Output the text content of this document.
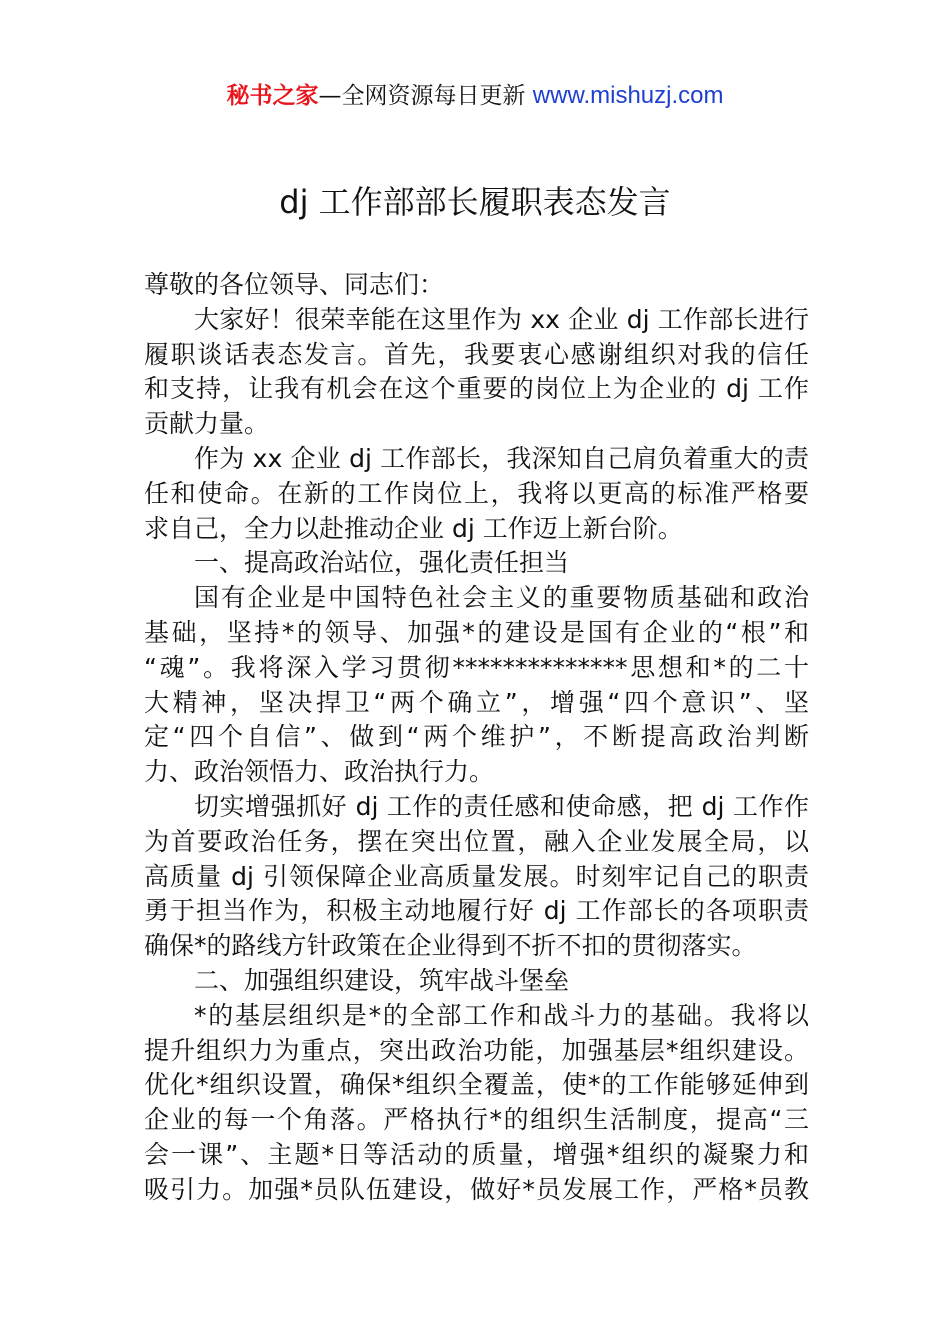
秘书之家—全网资源每日更新 www.mishuzj.com
dj 工作部部长履职表态发言
尊敬的各位领导、同志们：
大家好！很荣幸能在这里作为 xx 企业 dj 工作部长进行
履职谈话表态发言。首先，我要衷心感谢组织对我的信任
和支持，让我有机会在这个重要的岗位上为企业的 dj 工作
贡献力量。
作为 xx 企业 dj 工作部长，我深知自己肩负着重大的责
任和使命。在新的工作岗位上，我将以更高的标准严格要
求自己，全力以赴推动企业 dj 工作迈上新台阶。
一、提高政治站位，强化责任担当
国有企业是中国特色社会主义的重要物质基础和政治
基础，坚持*的领导、加强*的建设是国有企业的“根”和
“魂”。我将深入学习贯彻**************思想和*的二十
大精神，坚决捍卫“两个确立”，增强“四个意识”、坚
定“四个自信”、做到“两个维护”，不断提高政治判断
力、政治领悟力、政治执行力。
切实增强抓好 dj 工作的责任感和使命感，把 dj 工作作
为首要政治任务，摆在突出位置，融入企业发展全局，以
高质量 dj 引领保障企业高质量发展。时刻牢记自己的职责
勇于担当作为，积极主动地履行好 dj 工作部长的各项职责
确保*的路线方针政策在企业得到不折不扣的贯彻落实。
二、加强组织建设，筑牢战斗堡垒
*的基层组织是*的全部工作和战斗力的基础。我将以
提升组织力为重点，突出政治功能，加强基层*组织建设。
优化*组织设置，确保*组织全覆盖，使*的工作能够延伸到
企业的每一个角落。严格执行*的组织生活制度，提高“三
会一课”、主题*日等活动的质量，增强*组织的凝聚力和
吸引力。加强*员队伍建设，做好*员发展工作，严格*员教
